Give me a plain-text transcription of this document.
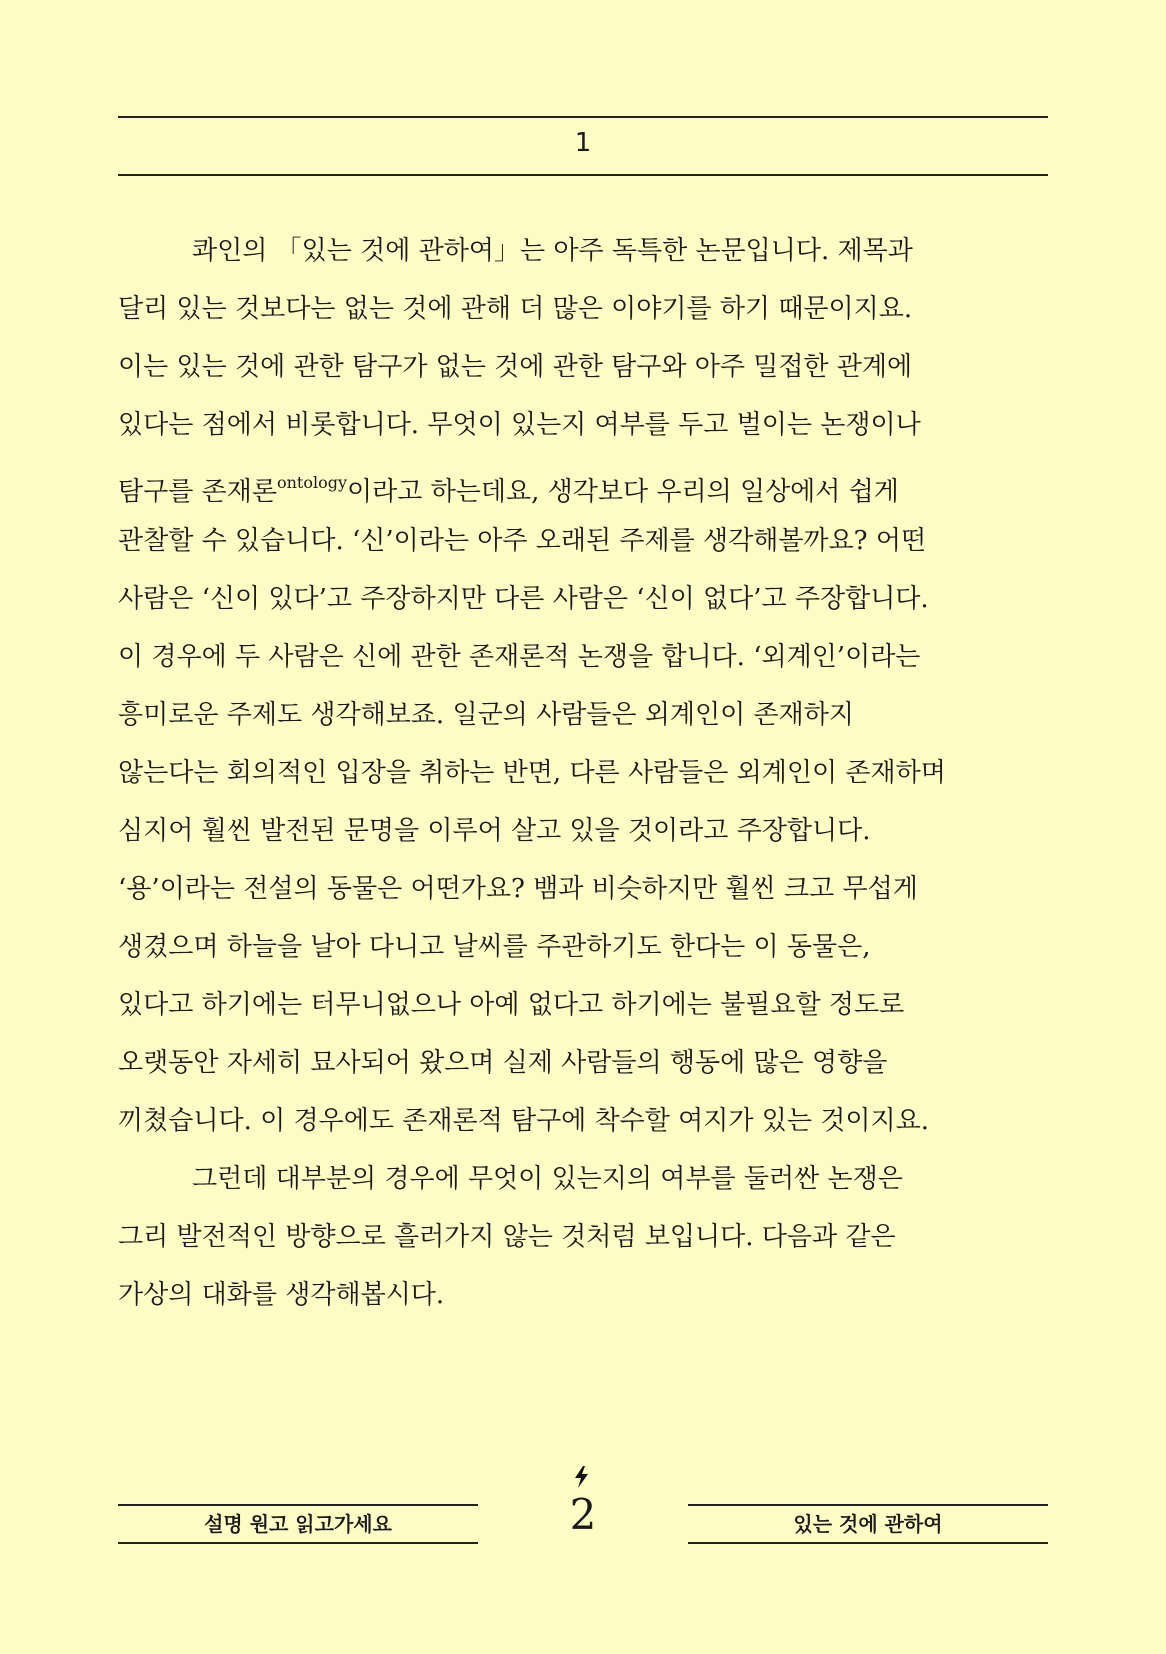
1
콰인의 「있는 것에 관하여」는 아주 독특한 논문입니다. 제목과
달리 있는 것보다는 없는 것에 관해 더 많은 이야기를 하기 때문이지요.
이는 있는 것에 관한 탐구가 없는 것에 관한 탐구와 아주 밀접한 관계에
있다는 점에서 비롯합니다. 무엇이 있는지 여부를 두고 벌이는 논쟁이나
탐구를 존재론$^{ontology}$이라고 하는데요, 생각보다 우리의 일상에서 쉽게
관찰할 수 있습니다. ‘신’이라는 아주 오래된 주제를 생각해볼까요? 어떤
사람은 ‘신이 있다’고 주장하지만 다른 사람은 ‘신이 없다’고 주장합니다.
이 경우에 두 사람은 신에 관한 존재론적 논쟁을 합니다. ‘외계인’이라는
흥미로운 주제도 생각해보죠. 일군의 사람들은 외계인이 존재하지
않는다는 회의적인 입장을 취하는 반면, 다른 사람들은 외계인이 존재하며
심지어 훨씬 발전된 문명을 이루어 살고 있을 것이라고 주장합니다.
‘용’이라는 전설의 동물은 어떤가요? 뱀과 비슷하지만 훨씬 크고 무섭게
생겼으며 하늘을 날아 다니고 날씨를 주관하기도 한다는 이 동물은,
있다고 하기에는 터무니없으나 아예 없다고 하기에는 불필요할 정도로
오랫동안 자세히 묘사되어 왔으며 실제 사람들의 행동에 많은 영향을
끼쳤습니다. 이 경우에도 존재론적 탐구에 착수할 여지가 있는 것이지요.
그런데 대부분의 경우에 무엇이 있는지의 여부를 둘러싼 논쟁은
그리 발전적인 방향으로 흘러가지 않는 것처럼 보입니다. 다음과 같은
가상의 대화를 생각해봅시다.
설명 원고 읽고가세요	2	있는 것에 관하여
